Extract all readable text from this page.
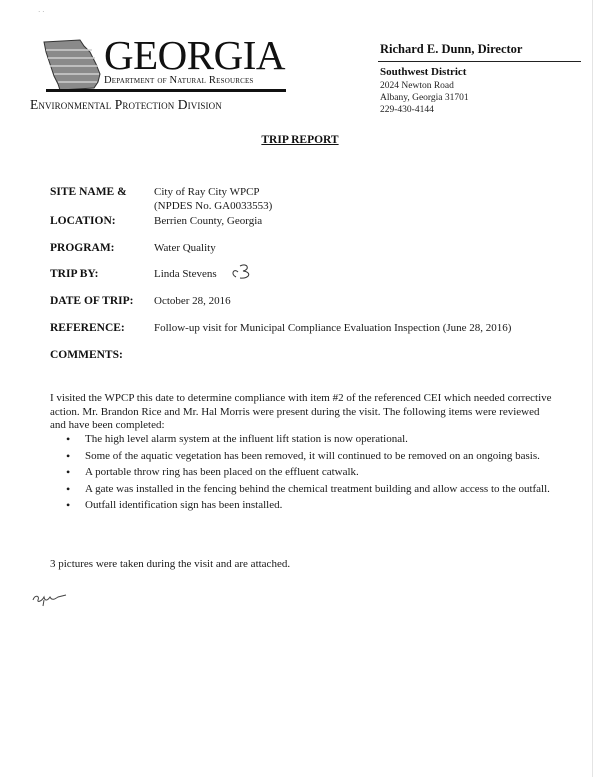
· ·
GEORGIA
Department of Natural Resources
Environmental Protection Division
Richard E. Dunn, Director
Southwest District
2024 Newton Road
Albany, Georgia 31701
229-430-4144
TRIP REPORT
SITE NAME & City of Ray City WPCP
(NPDES No. GA0033553)
LOCATION:	Berrien County, Georgia
PROGRAM:	Water Quality
TRIP BY:	Linda Stevens
DATE OF TRIP: October 28, 2016
REFERENCE:	Follow-up visit for Municipal Compliance Evaluation Inspection (June 28, 2016)
COMMENTS:
I visited the WPCP this date to determine compliance with item #2 of the referenced CEI which needed corrective action. Mr. Brandon Rice and Mr. Hal Morris were present during the visit. The following items were reviewed and have been completed:
• The high level alarm system at the influent lift station is now operational.
• Some of the aquatic vegetation has been removed, it will continued to be removed on an ongoing basis.
• A portable throw ring has been placed on the effluent catwalk.
• A gate was installed in the fencing behind the chemical treatment building and allow access to the outfall.
• Outfall identification sign has been installed.
3 pictures were taken during the visit and are attached.
